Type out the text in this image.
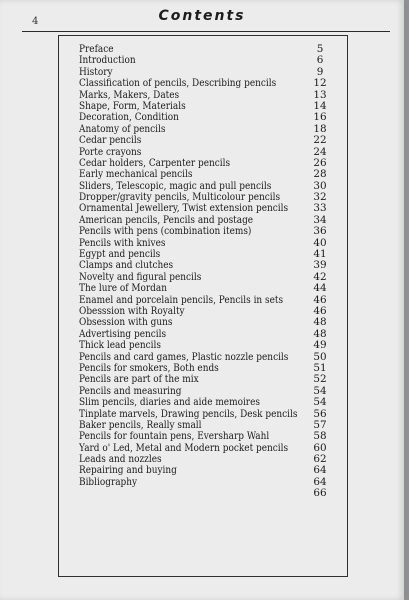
4	Contents
Preface	5
Introduction	6
History	9
Classification of pencils, Describing pencils	12
Marks, Makers, Dates	13
Shape, Form, Materials	14
Decoration, Condition	16
Anatomy of pencils	18
Cedar pencils	22
Porte crayons	24
Cedar holders, Carpenter pencils	26
Early mechanical pencils	28
Sliders, Telescopic, magic and pull pencils	30
Dropper/gravity pencils, Multicolour pencils	32
Ornamental Jewellery, Twist extension pencils	33
American pencils, Pencils and postage	34
Pencils with pens (combination items)	36
Pencils with knives	40
Egypt and pencils	41
Clamps and clutches	39
Novelty and figural pencils	42
The lure of Mordan	44
Enamel and porcelain pencils, Pencils in sets	46
Obesssion with Royalty	46
Obsession with guns	48
Advertising pencils	48
Thick lead pencils	49
Pencils and card games, Plastic nozzle pencils	50
Pencils for smokers, Both ends	51
Pencils are part of the mix	52
Pencils and measuring	54
Slim pencils, diaries and aide memoires	54
Tinplate marvels, Drawing pencils, Desk pencils	56
Baker pencils, Really small	57
Pencils for fountain pens, Eversharp Wahl	58
Yard o' Led, Metal and Modern pocket pencils	60
Leads and nozzles	62
Repairing and buying	64
Bibliography	64
66
